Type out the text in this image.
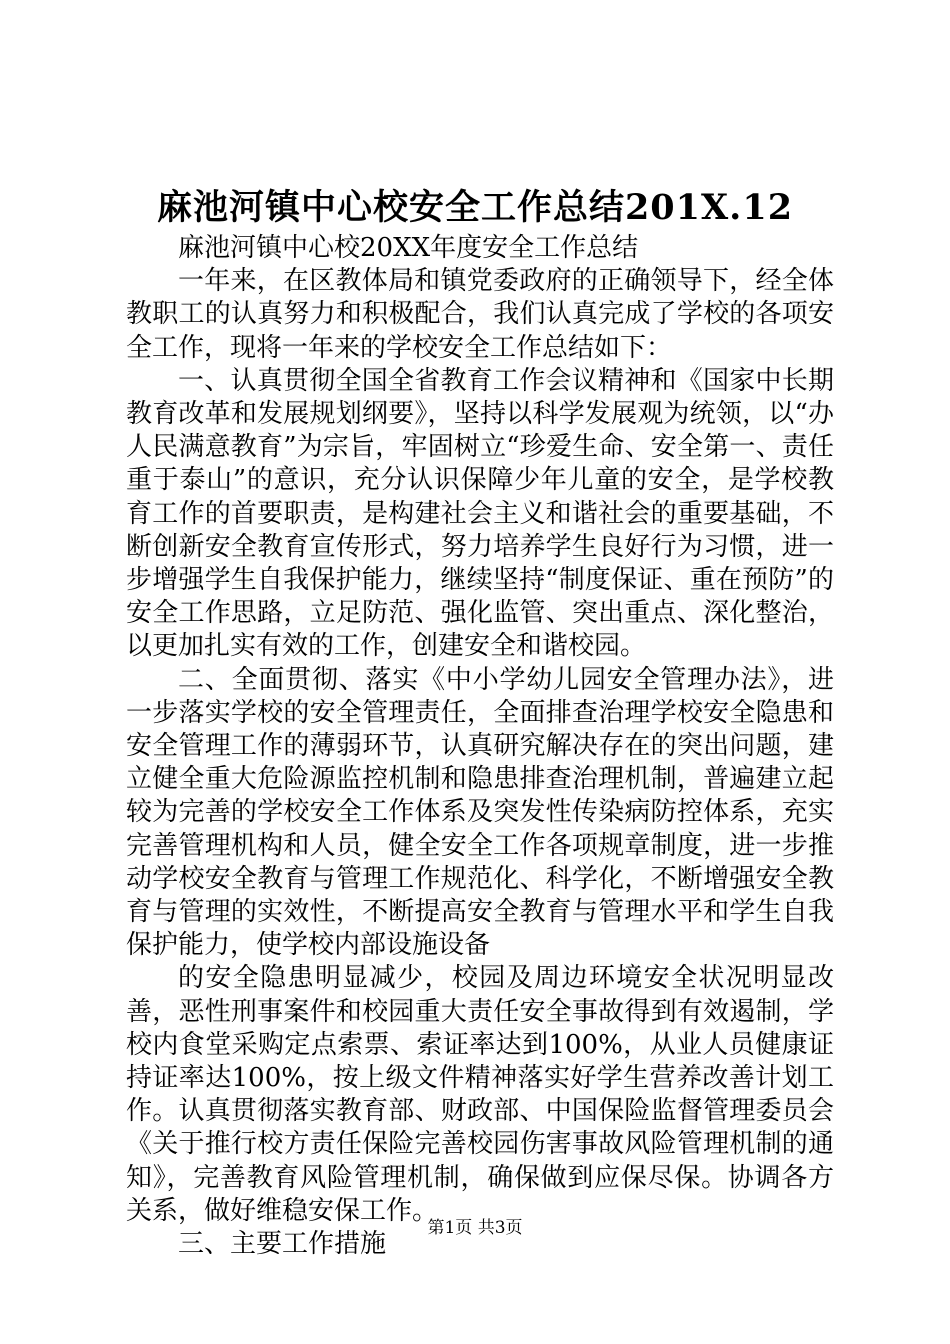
麻池河镇中心校安全工作总结201X.12

麻池河镇中心校20XX年度安全工作总结

一年来，在区教体局和镇党委政府的正确领导下，经全体教职工的认真努力和积极配合，我们认真完成了学校的各项安全工作，现将一年来的学校安全工作总结如下：

一、认真贯彻全国全省教育工作会议精神和《国家中长期教育改革和发展规划纲要》，坚持以科学发展观为统领，以“办人民满意教育”为宗旨，牢固树立“珍爱生命、安全第一、责任重于泰山”的意识，充分认识保障少年儿童的安全，是学校教育工作的首要职责，是构建社会主义和谐社会的重要基础，不断创新安全教育宣传形式，努力培养学生良好行为习惯，进一步增强学生自我保护能力，继续坚持“制度保证、重在预防”的安全工作思路，立足防范、强化监管、突出重点、深化整治，以更加扎实有效的工作，创建安全和谐校园。

二、全面贯彻、落实《中小学幼儿园安全管理办法》，进一步落实学校的安全管理责任，全面排查治理学校安全隐患和安全管理工作的薄弱环节，认真研究解决存在的突出问题，建立健全重大危险源监控机制和隐患排查治理机制，普遍建立起较为完善的学校安全工作体系及突发性传染病防控体系，充实完善管理机构和人员，健全安全工作各项规章制度，进一步推动学校安全教育与管理工作规范化、科学化，不断增强安全教育与管理的实效性，不断提高安全教育与管理水平和学生自我保护能力，使学校内部设施设备

的安全隐患明显减少，校园及周边环境安全状况明显改善，恶性刑事案件和校园重大责任安全事故得到有效遏制，学校内食堂采购定点索票、索证率达到100%，从业人员健康证持证率达100%，按上级文件精神落实好学生营养改善计划工作。认真贯彻落实教育部、财政部、中国保险监督管理委员会《关于推行校方责任保险完善校园伤害事故风险管理机制的通知》，完善教育风险管理机制，确保做到应保尽保。协调各方关系，做好维稳安保工作。

三、主要工作措施

第1页 共3页
